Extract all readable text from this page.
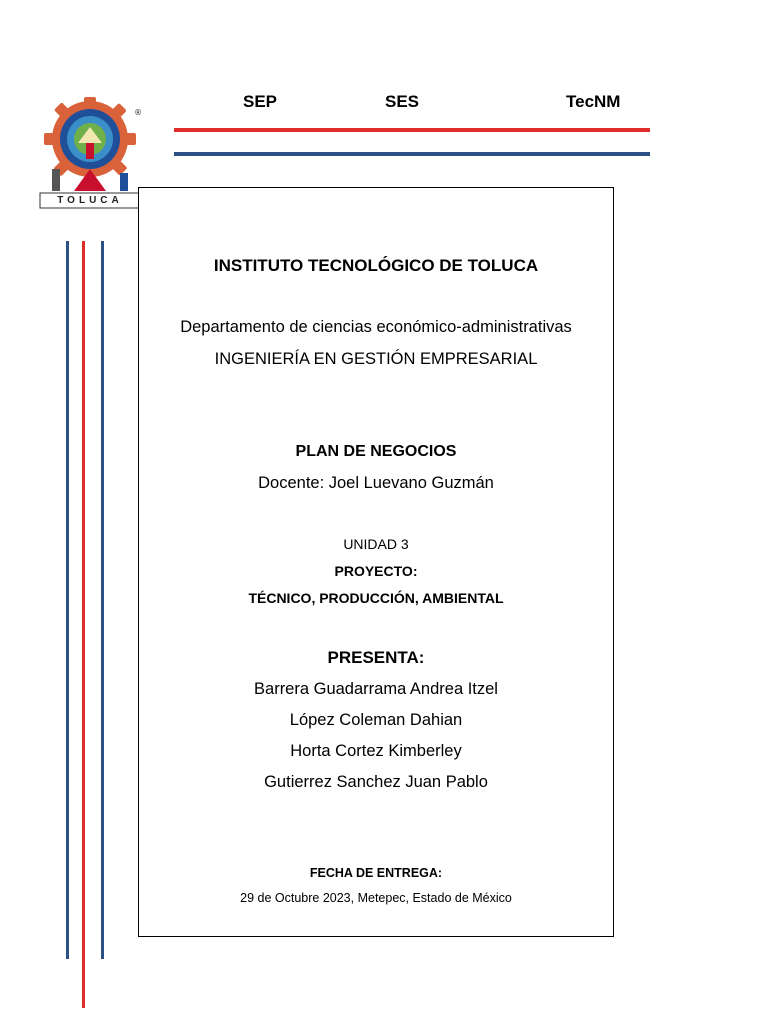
®
TOLUCA
SEP	SES	TecNM
INSTITUTO TECNOLÓGICO DE TOLUCA
Departamento de ciencias económico-administrativas
INGENIERÍA EN GESTIÓN EMPRESARIAL
PLAN DE NEGOCIOS
Docente: Joel Luevano Guzmán
UNIDAD 3
PROYECTO:
TÉCNICO, PRODUCCIÓN, AMBIENTAL
PRESENTA:
Barrera Guadarrama Andrea Itzel
López Coleman Dahian
Horta Cortez Kimberley
Gutierrez Sanchez Juan Pablo
FECHA DE ENTREGA:
29 de Octubre 2023, Metepec, Estado de México
